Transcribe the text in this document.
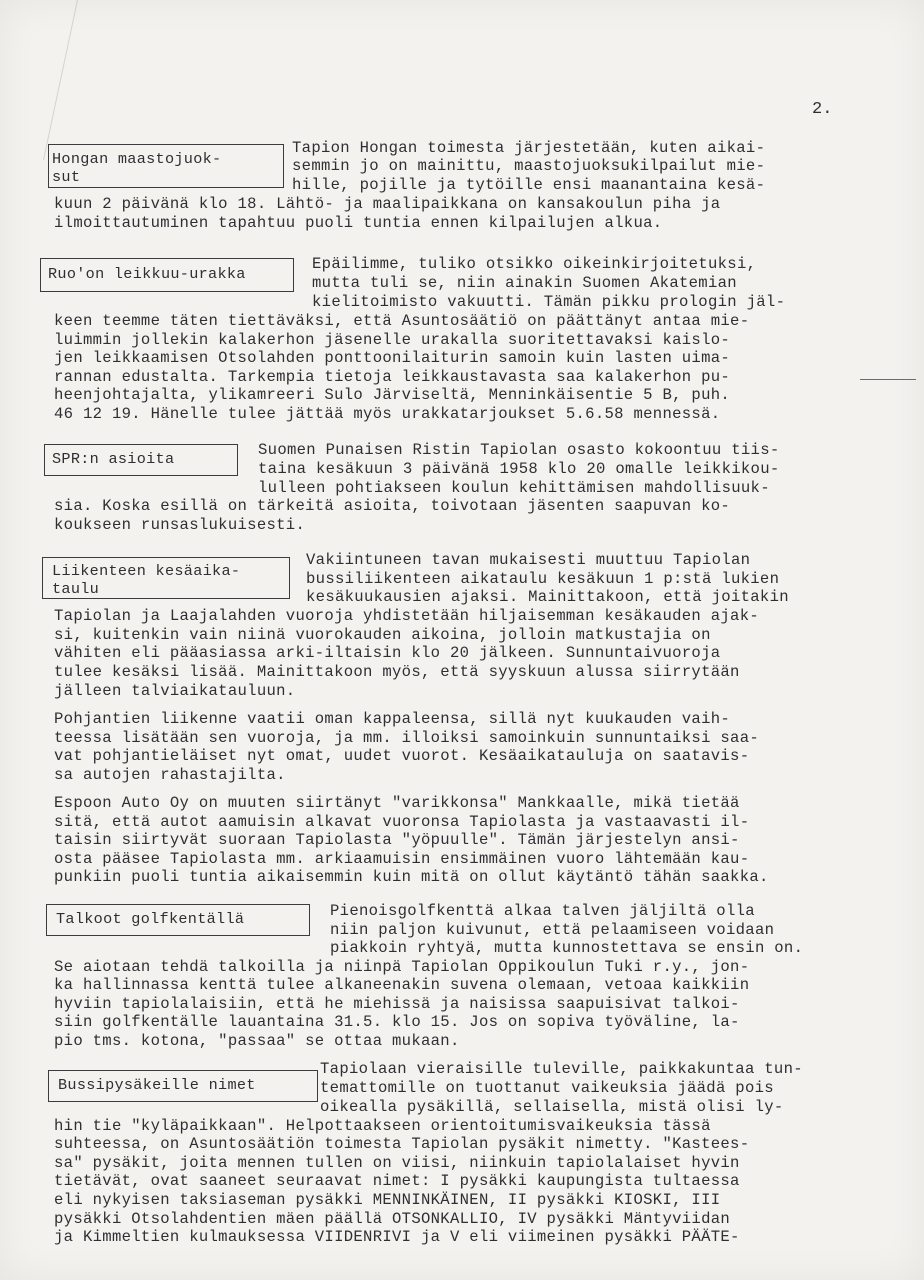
2.
Hongan maastojuok-
sut
Tapion Hongan toimesta järjestetään, kuten aikai-
semmin jo on mainittu, maastojuoksukilpailut mie-
hille, pojille ja tytöille ensi maanantaina kesä-
kuun 2 päivänä klo 18. Lähtö- ja maalipaikkana on kansakoulun piha ja
ilmoittautuminen tapahtuu puoli tuntia ennen kilpailujen alkua.
Ruo'on leikkuu-urakka
Epäilimme, tuliko otsikko oikeinkirjoitetuksi,
mutta tuli se, niin ainakin Suomen Akatemian
kielitoimisto vakuutti. Tämän pikku prologin jäl-
keen teemme täten tiettäväksi, että Asuntosäätiö on päättänyt antaa mie-
luimmin jollekin kalakerhon jäsenelle urakalla suoritettavaksi kaislo-
jen leikkaamisen Otsolahden ponttoonilaiturin samoin kuin lasten uima-
rannan edustalta. Tarkempia tietoja leikkaustavasta saa kalakerhon pu-
heenjohtajalta, ylikamreeri Sulo Järviseltä, Menninkäisentie 5 B, puh.
46 12 19. Hänelle tulee jättää myös urakkatarjoukset 5.6.58 mennessä.
SPR:n asioita	Suomen Punaisen Ristin Tapiolan osasto kokoontuu tiis-
taina kesäkuun 3 päivänä 1958 klo 20 omalle leikkikou-
lulleen pohtiakseen koulun kehittämisen mahdollisuuk-
sia. Koska esillä on tärkeitä asioita, toivotaan jäsenten saapuvan ko-
koukseen runsaslukuisesti.
Liikenteen kesäaika-
taulu
Vakiintuneen tavan mukaisesti muuttuu Tapiolan
bussiliikenteen aikataulu kesäkuun 1 p:stä lukien
kesäkuukausien ajaksi. Mainittakoon, että joitakin
Tapiolan ja Laajalahden vuoroja yhdistetään hiljaisemman kesäkauden ajak-
si, kuitenkin vain niinä vuorokauden aikoina, jolloin matkustajia on
vähiten eli pääasiassa arki-iltaisin klo 20 jälkeen. Sunnuntaivuoroja
tulee kesäksi lisää. Mainittakoon myös, että syyskuun alussa siirrytään
jälleen talviaikatauluun.
Pohjantien liikenne vaatii oman kappaleensa, sillä nyt kuukauden vaih-
teessa lisätään sen vuoroja, ja mm. illoiksi samoinkuin sunnuntaiksi saa-
vat pohjantieläiset nyt omat, uudet vuorot. Kesäaikatauluja on saatavis-
sa autojen rahastajilta.
Espoon Auto Oy on muuten siirtänyt "varikkonsa" Mankkaalle, mikä tietää
sitä, että autot aamuisin alkavat vuoronsa Tapiolasta ja vastaavasti il-
taisin siirtyvät suoraan Tapiolasta "yöpuulle". Tämän järjestelyn ansi-
osta pääsee Tapiolasta mm. arkiaamuisin ensimmäinen vuoro lähtemään kau-
punkiin puoli tuntia aikaisemmin kuin mitä on ollut käytäntö tähän saakka.
Talkoot golfkentällä	Pienoisgolfkenttä alkaa talven jäljiltä olla
niin paljon kuivunut, että pelaamiseen voidaan
piakkoin ryhtyä, mutta kunnostettava se ensin on.
Se aiotaan tehdä talkoilla ja niinpä Tapiolan Oppikoulun Tuki r.y., jon-
ka hallinnassa kenttä tulee alkaneenakin suvena olemaan, vetoaa kaikkiin
hyviin tapiolalaisiin, että he miehissä ja naisissa saapuisivat talkoi-
siin golfkentälle lauantaina 31.5. klo 15. Jos on sopiva työväline, la-
pio tms. kotona, "passaa" se ottaa mukaan.
Bussipysäkeille nimet
Tapiolaan vieraisille tuleville, paikkakuntaa tun-
temattomille on tuottanut vaikeuksia jäädä pois
oikealla pysäkillä, sellaisella, mistä olisi ly-
hin tie "kyläpaikkaan". Helpottaakseen orientoitumisvaikeuksia tässä
suhteessa, on Asuntosäätiön toimesta Tapiolan pysäkit nimetty. "Kastees-
sa" pysäkit, joita mennen tullen on viisi, niinkuin tapiolalaiset hyvin
tietävät, ovat saaneet seuraavat nimet: I pysäkki kaupungista tultaessa
eli nykyisen taksiaseman pysäkki MENNINKÄINEN, II pysäkki KIOSKI, III
pysäkki Otsolahdentien mäen päällä OTSONKALLIO, IV pysäkki Mäntyviidan
ja Kimmeltien kulmauksessa VIIDENRIVI ja V eli viimeinen pysäkki PÄÄTE-
